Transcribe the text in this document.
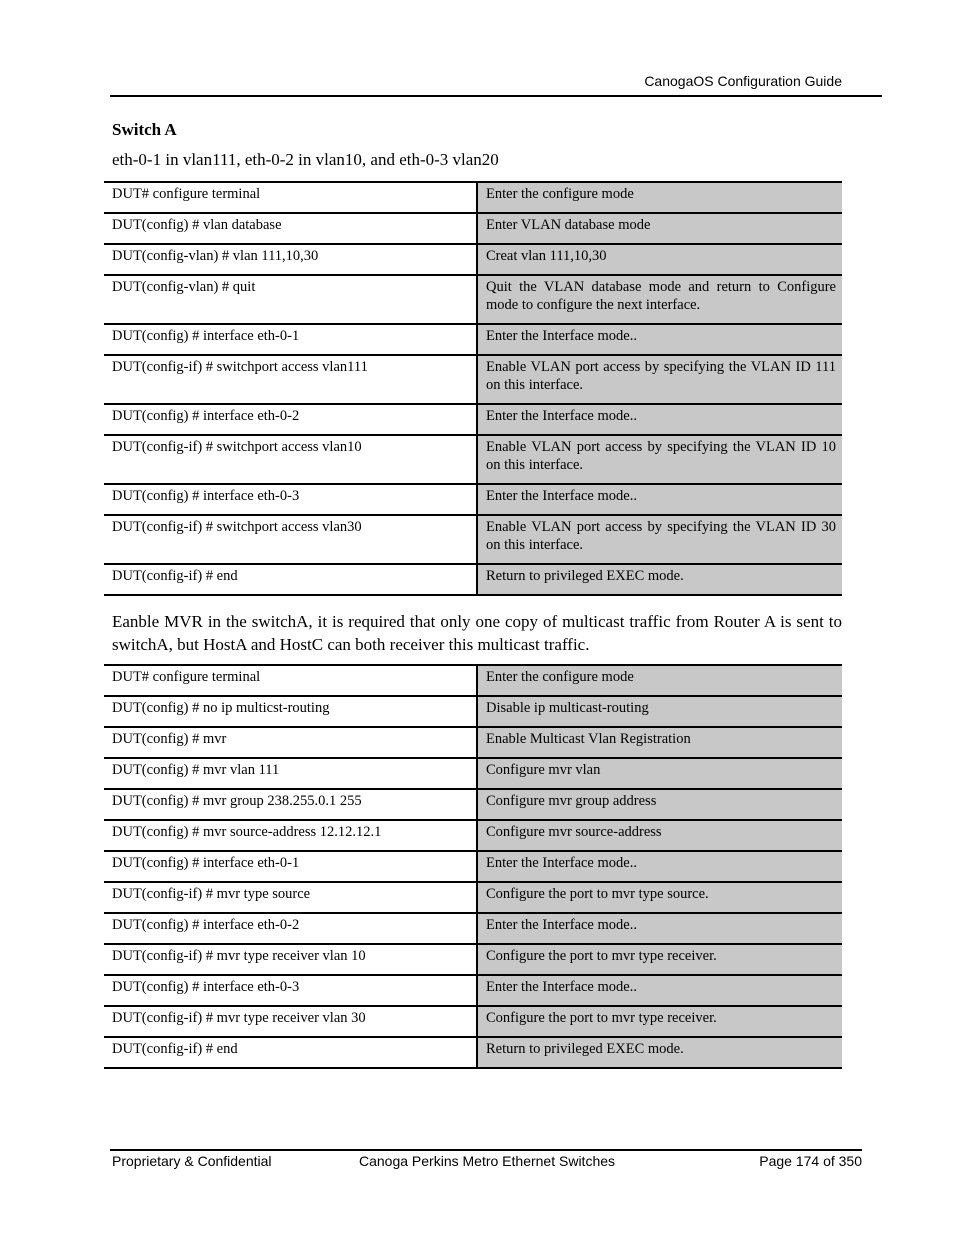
CanogaOS Configuration Guide
Switch A
eth-0-1 in vlan111, eth-0-2 in vlan10, and eth-0-3 vlan20
DUT# configure terminal	Enter the configure mode
DUT(config) # vlan database	Enter VLAN database mode
DUT(config-vlan) # vlan 111,10,30	Creat vlan 111,10,30
DUT(config-vlan) # quit	Quit the VLAN database mode and return to Configure mode to configure the next interface.
DUT(config) # interface eth-0-1	Enter the Interface mode..
DUT(config-if) # switchport access vlan111	Enable VLAN port access by specifying the VLAN ID 111 on this interface.
DUT(config) # interface eth-0-2	Enter the Interface mode..
DUT(config-if) # switchport access vlan10	Enable VLAN port access by specifying the VLAN ID 10 on this interface.
DUT(config) # interface eth-0-3	Enter the Interface mode..
DUT(config-if) # switchport access vlan30	Enable VLAN port access by specifying the VLAN ID 30 on this interface.
DUT(config-if) # end	Return to privileged EXEC mode.
Eanble MVR in the switchA, it is required that only one copy of multicast traffic from Router A is sent to switchA, but HostA and HostC can both receiver this multicast traffic.
DUT# configure terminal	Enter the configure mode
DUT(config) # no ip multicst-routing	Disable ip multicast-routing
DUT(config) # mvr	Enable Multicast Vlan Registration
DUT(config) # mvr vlan 111	Configure mvr vlan
DUT(config) # mvr group 238.255.0.1 255	Configure mvr group address
DUT(config) # mvr source-address 12.12.12.1	Configure mvr source-address
DUT(config) # interface eth-0-1	Enter the Interface mode..
DUT(config-if) # mvr type source	Configure the port to mvr type source.
DUT(config) # interface eth-0-2	Enter the Interface mode..
DUT(config-if) # mvr type receiver vlan 10	Configure the port to mvr type receiver.
DUT(config) # interface eth-0-3	Enter the Interface mode..
DUT(config-if) # mvr type receiver vlan 30	Configure the port to mvr type receiver.
DUT(config-if) # end	Return to privileged EXEC mode.
Proprietary & Confidential	Canoga Perkins Metro Ethernet Switches	Page 174 of 350
